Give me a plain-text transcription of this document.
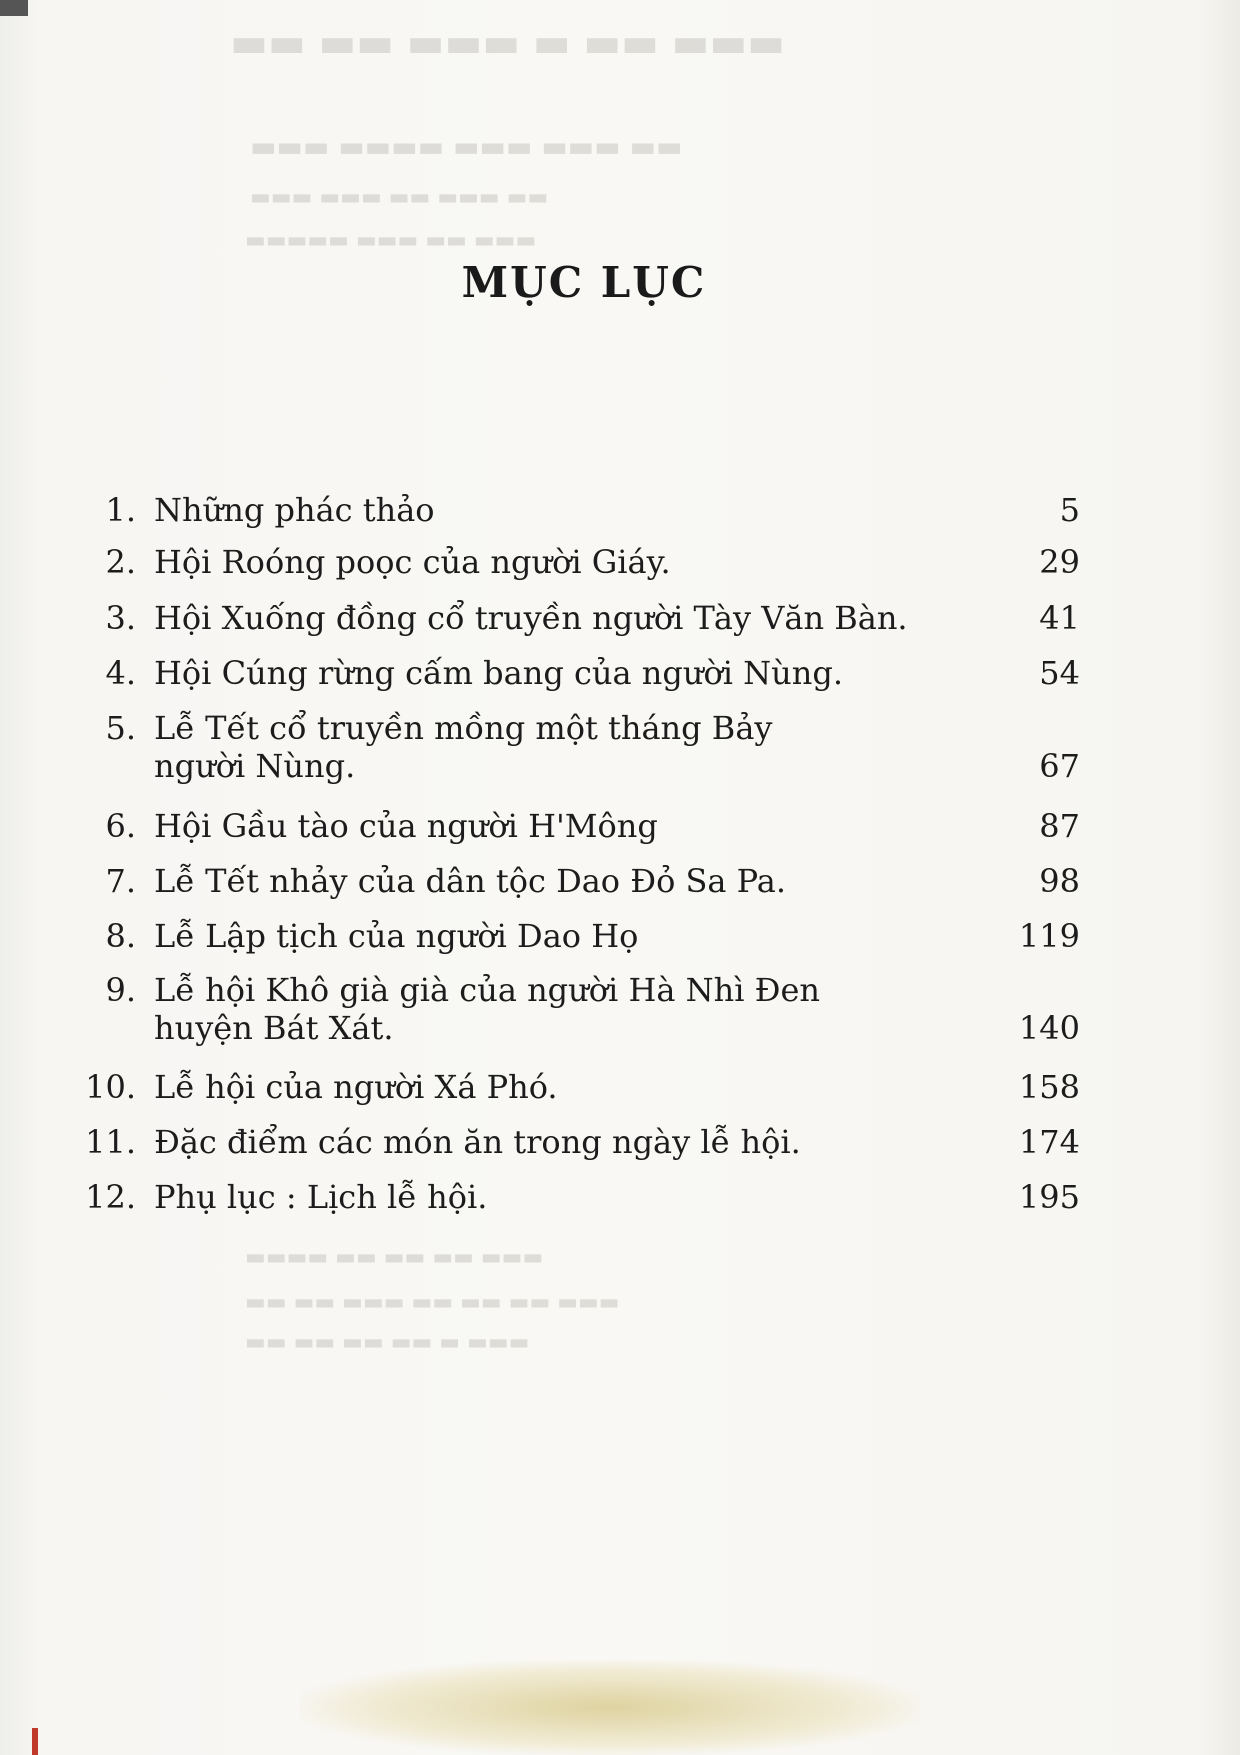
▬▬▬ ▬▬ ▬ ▬▬▬ ▬▬ ▬▬
▬▬ ▬▬▬ ▬▬▬ ▬▬▬▬ ▬▬▬
▬▬ ▬▬▬ ▬▬ ▬▬▬ ▬▬▬
▬▬▬ ▬▬ ▬▬▬ ▬▬▬▬▬
▬▬▬ ▬▬ ▬▬ ▬▬ ▬▬▬▬
▬▬▬ ▬▬ ▬▬ ▬▬ ▬▬▬ ▬▬ ▬▬
▬▬▬ ▬ ▬▬ ▬▬ ▬▬ ▬▬
MỤC LỤC
1. Những phác thảo	5
2. Hội Roóng poọc của người Giáy.	29
3. Hội Xuống đồng cổ truyền người Tày Văn Bàn.	41
4. Hội Cúng rừng cấm bang của người Nùng.	54
5. Lễ Tết cổ truyền mồng một tháng Bảy
người Nùng.	67
6. Hội Gầu tào của người H'Mông	87
7. Lễ Tết nhảy của dân tộc Dao Đỏ Sa Pa.	98
8. Lễ Lập tịch của người Dao Họ	119
9. Lễ hội Khô già già của người Hà Nhì Đen
huyện Bát Xát.	140
10. Lễ hội của người Xá Phó.	158
11. Đặc điểm các món ăn trong ngày lễ hội.	174
12. Phụ lục : Lịch lễ hội.	195
